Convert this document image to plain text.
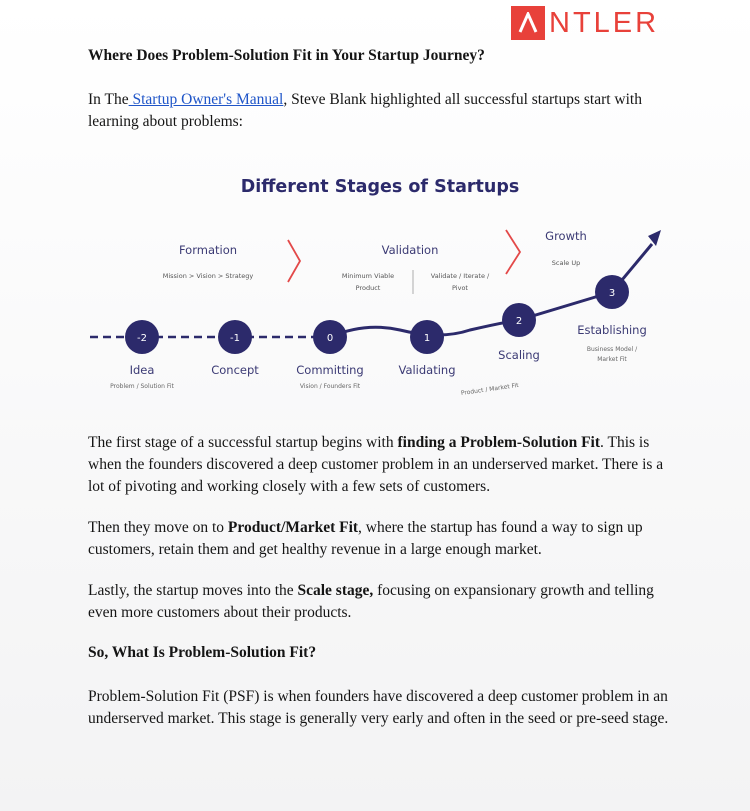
NTLER
Where Does Problem-Solution Fit in Your Startup Journey?

In The Startup Owner's Manual, Steve Blank highlighted all successful startups start with learning about problems:

Different Stages of Startups
Formation
Mission > Vision > Strategy
Validation
Minimum Viable
Product
Validate / Iterate /
Pivot
Growth
Scale Up
-2	-1	0	1
2
3
Idea
Problem / Solution Fit
Concept	Committing
Vision / Founders Fit
Validating
Scaling
Product / Market Fit
Establishing
Business Model /
Market Fit

The first stage of a successful startup begins with finding a Problem-Solution Fit. This is when the founders discovered a deep customer problem in an underserved market. There is a lot of pivoting and working closely with a few sets of customers.

Then they move on to Product/Market Fit, where the startup has found a way to sign up customers, retain them and get healthy revenue in a large enough market.

Lastly, the startup moves into the Scale stage, focusing on expansionary growth and telling even more customers about their products.

So, What Is Problem-Solution Fit?

Problem-Solution Fit (PSF) is when founders have discovered a deep customer problem in an underserved market. This stage is generally very early and often in the seed or pre-seed stage.
